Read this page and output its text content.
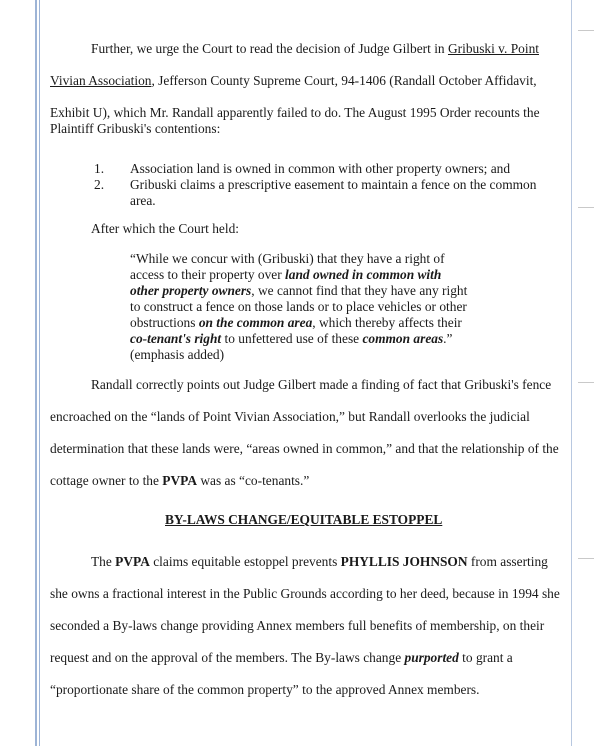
Further, we urge the Court to read the decision of Judge Gilbert in Gribuski v. Point
Vivian Association, Jefferson County Supreme Court, 94-1406 (Randall October Affidavit,
Exhibit U), which Mr. Randall apparently failed to do. The August 1995 Order recounts the
Plaintiff Gribuski's contentions:
1. Association land is owned in common with other property owners; and
2. Gribuski claims a prescriptive easement to maintain a fence on the common
area.
After which the Court held:
“While we concur with (Gribuski) that they have a right of
access to their property over land owned in common with
other property owners, we cannot find that they have any right
to construct a fence on those lands or to place vehicles or other
obstructions on the common area, which thereby affects their
co-tenant's right to unfettered use of these common areas.”
(emphasis added)
Randall correctly points out Judge Gilbert made a finding of fact that Gribuski's fence
encroached on the “lands of Point Vivian Association,” but Randall overlooks the judicial
determination that these lands were, “areas owned in common,” and that the relationship of the
cottage owner to the PVPA was as “co-tenants.”
BY-LAWS CHANGE/EQUITABLE ESTOPPEL
The PVPA claims equitable estoppel prevents PHYLLIS JOHNSON from asserting
she owns a fractional interest in the Public Grounds according to her deed, because in 1994 she
seconded a By-laws change providing Annex members full benefits of membership, on their
request and on the approval of the members. The By-laws change purported to grant a
“proportionate share of the common property” to the approved Annex members.
